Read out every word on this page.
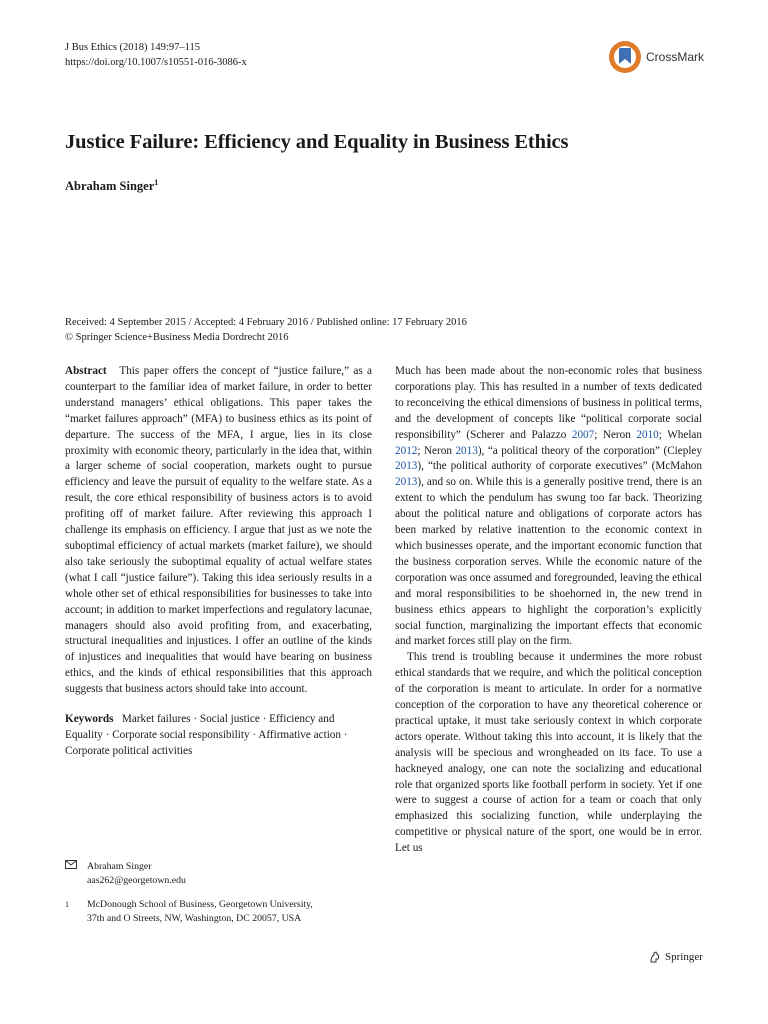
J Bus Ethics (2018) 149:97–115
https://doi.org/10.1007/s10551-016-3086-x	CrossMark
Justice Failure: Efficiency and Equality in Business Ethics
Abraham Singer$^1$
Received: 4 September 2015 / Accepted: 4 February 2016 / Published online: 17 February 2016
© Springer Science+Business Media Dordrecht 2016

Abstract This paper offers the concept of “justice failure,” as a counterpart to the familiar idea of market failure, in order to better understand managers’ ethical obligations. This paper takes the “market failures approach” (MFA) to business ethics as its point of departure. The success of the MFA, I argue, lies in its close proximity with economic theory, particularly in the idea that, within a larger scheme of social cooperation, markets ought to pursue efficiency and leave the pursuit of equality to the welfare state. As a result, the core ethical responsibility of business actors is to avoid profiting off of market failure. After reviewing this approach I challenge its emphasis on efficiency. I argue that just as we note the suboptimal efficiency of actual markets (market failure), we should also take seriously the suboptimal equality of actual welfare states (what I call “justice failure”). Taking this idea seriously results in a whole other set of ethical responsibilities for businesses to take into account; in addition to market imperfections and regulatory lacunae, managers should also avoid profiting from, and exacerbating, structural inequalities and injustices. I offer an outline of the kinds of injustices and inequalities that would have bearing on business ethics, and the kinds of ethical responsibilities that this approach suggests that business actors should take into account.

Keywords Market failures · Social justice · Efficiency and Equality · Corporate social responsibility · Affirmative action · Corporate political activities

Abraham Singer
aas262@georgetown.edu
1	McDonough School of Business, Georgetown University,
37th and O Streets, NW, Washington, DC 20057, USA

Much has been made about the non-economic roles that business corporations play. This has resulted in a number of texts dedicated to reconceiving the ethical dimensions of business in political terms, and the development of concepts like “political corporate social responsibility” (Scherer and Palazzo 2007; Neron 2010; Whelan 2012; Neron 2013), “a political theory of the corporation” (Ciepley 2013), “the political authority of corporate executives” (McMahon 2013), and so on. While this is a generally positive trend, there is an extent to which the pendulum has swung too far back. Theorizing about the political nature and obligations of corporate actors has been marked by relative inattention to the economic context in which businesses operate, and the important economic function that the business corporation serves. While the economic nature of the corporation was once assumed and foregrounded, leaving the ethical and moral responsibilities to be shoehorned in, the new trend in business ethics appears to highlight the corporation’s explicitly social function, marginalizing the important effects that economic and market forces still play on the firm.

This trend is troubling because it undermines the more robust ethical standards that we require, and which the political conception of the corporation is meant to articulate. In order for a normative conception of the corporation to have any theoretical coherence or practical uptake, it must take seriously context in which corporate actors operate. Without taking this into account, it is likely that the analysis will be specious and wrongheaded on its face. To use a hackneyed analogy, one can note the socializing and educational role that organized sports like football perform in society. Yet if one were to suggest a course of action for a team or coach that only emphasized this socializing function, while underplaying the competitive or physical nature of the sport, one would be in error. Let us

Springer
